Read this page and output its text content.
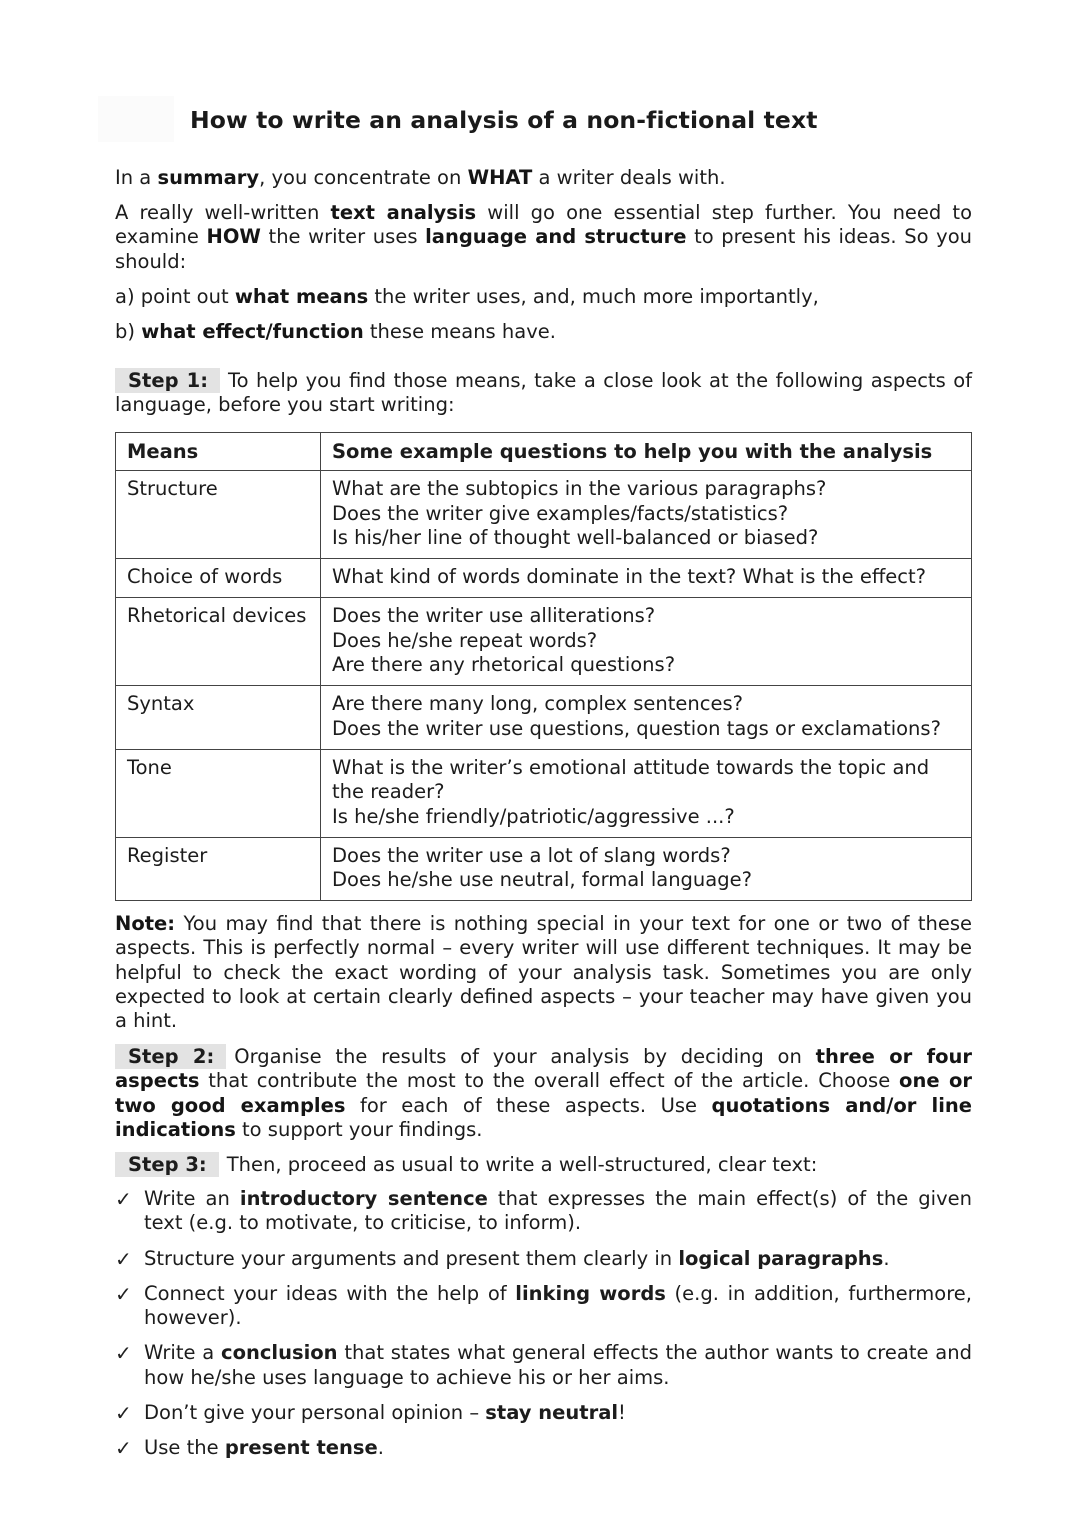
How to write an analysis of a non-fictional text

In a summary, you concentrate on WHAT a writer deals with.

A really well-written text analysis will go one essential step further. You need to examine HOW the writer uses language and structure to present his ideas. So you should:

a) point out what means the writer uses, and, much more importantly,

b) what effect/function these means have.

Step 1: To help you find those means, take a close look at the following aspects of language, before you start writing:

Means	Some example questions to help you with the analysis
Structure	What are the subtopics in the various paragraphs?
Does the writer give examples/facts/statistics?
Is his/her line of thought well-balanced or biased?

Choice of words	What kind of words dominate in the text? What is the effect?

Rhetorical devices	Does the writer use alliterations?
Does he/she repeat words?
Are there any rhetorical questions?

Syntax	Are there many long, complex sentences?
Does the writer use questions, question tags or exclamations?

Tone	What is the writer’s emotional attitude towards the topic and the reader?
Is he/she friendly/patriotic/aggressive ...?

Register	Does the writer use a lot of slang words?
Does he/she use neutral, formal language?

Note: You may find that there is nothing special in your text for one or two of these aspects. This is perfectly normal – every writer will use different techniques. It may be helpful to check the exact wording of your analysis task. Sometimes you are only expected to look at certain clearly defined aspects – your teacher may have given you a hint.

Step 2: Organise the results of your analysis by deciding on three or four aspects that contribute the most to the overall effect of the article. Choose one or two good examples for each of these aspects. Use quotations and/or line indications to support your findings.

Step 3: Then, proceed as usual to write a well-structured, clear text:

✓ Write an introductory sentence that expresses the main effect(s) of the given text (e.g. to motivate, to criticise, to inform).
✓ Structure your arguments and present them clearly in logical paragraphs.
✓ Connect your ideas with the help of linking words (e.g. in addition, furthermore, however).
✓ Write a conclusion that states what general effects the author wants to create and how he/she uses language to achieve his or her aims.
✓ Don’t give your personal opinion – stay neutral!
✓ Use the present tense.
